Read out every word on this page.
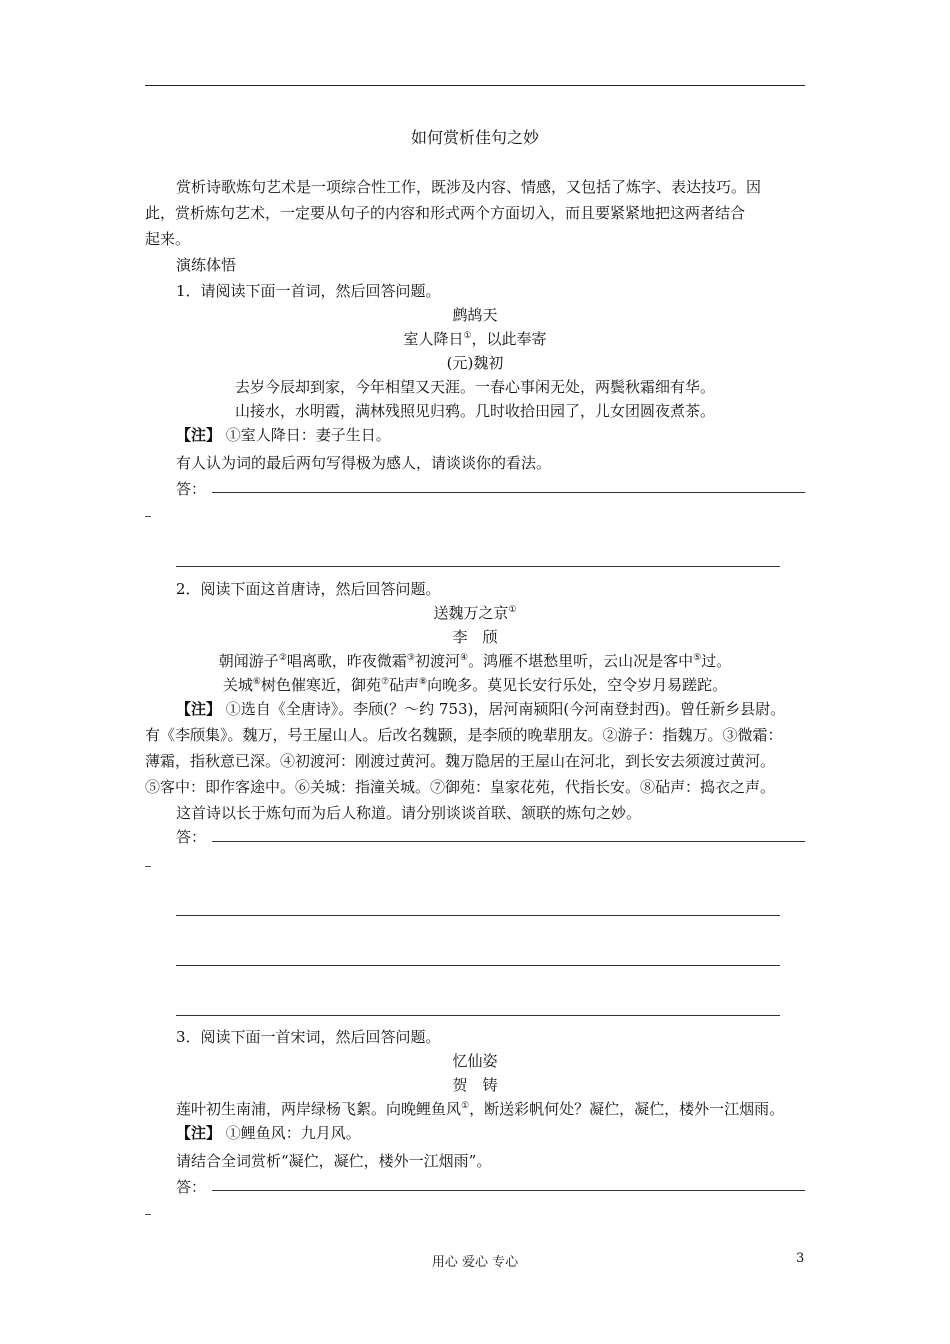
如何赏析佳句之妙
赏析诗歌炼句艺术是一项综合性工作，既涉及内容、情感，又包括了炼字、表达技巧。因
此，赏析炼句艺术，一定要从句子的内容和形式两个方面切入，而且要紧紧地把这两者结合
起来。
演练体悟
1．请阅读下面一首词，然后回答问题。
鹧鸪天
室人降日①，以此奉寄
(元)魏初
去岁今辰却到家，今年相望又天涯。一春心事闲无处，两鬓秋霜细有华。
山接水，水明霞，满林残照见归鸦。几时收拾田园了，儿女团圆夜煮茶。
【注】 ①室人降日：妻子生日。
有人认为词的最后两句写得极为感人，请谈谈你的看法。
答：
2．阅读下面这首唐诗，然后回答问题。
送魏万之京①
李　颀
朝闻游子②唱离歌，昨夜微霜③初渡河④。鸿雁不堪愁里听，云山况是客中⑤过。
关城⑥树色催寒近，御苑⑦砧声⑧向晚多。莫见长安行乐处，空令岁月易蹉跎。
【注】 ①选自《全唐诗》。李颀(？～约 753)，居河南颍阳(今河南登封西)。曾任新乡县尉。
有《李颀集》。魏万，号王屋山人。后改名魏颢，是李颀的晚辈朋友。②游子：指魏万。③微霜：
薄霜，指秋意已深。④初渡河：刚渡过黄河。魏万隐居的王屋山在河北，到长安去须渡过黄河。
⑤客中：即作客途中。⑥关城：指潼关城。⑦御苑：皇家花苑，代指长安。⑧砧声：捣衣之声。
这首诗以长于炼句而为后人称道。请分别谈谈首联、颔联的炼句之妙。
答：
3．阅读下面一首宋词，然后回答问题。
忆仙姿
贺　铸
莲叶初生南浦，两岸绿杨飞絮。向晚鲤鱼风①，断送彩帆何处？凝伫，凝伫，楼外一江烟雨。
【注】 ①鲤鱼风：九月风。
请结合全词赏析“凝伫，凝伫，楼外一江烟雨”。
答：
用心 爱心 专心	3
